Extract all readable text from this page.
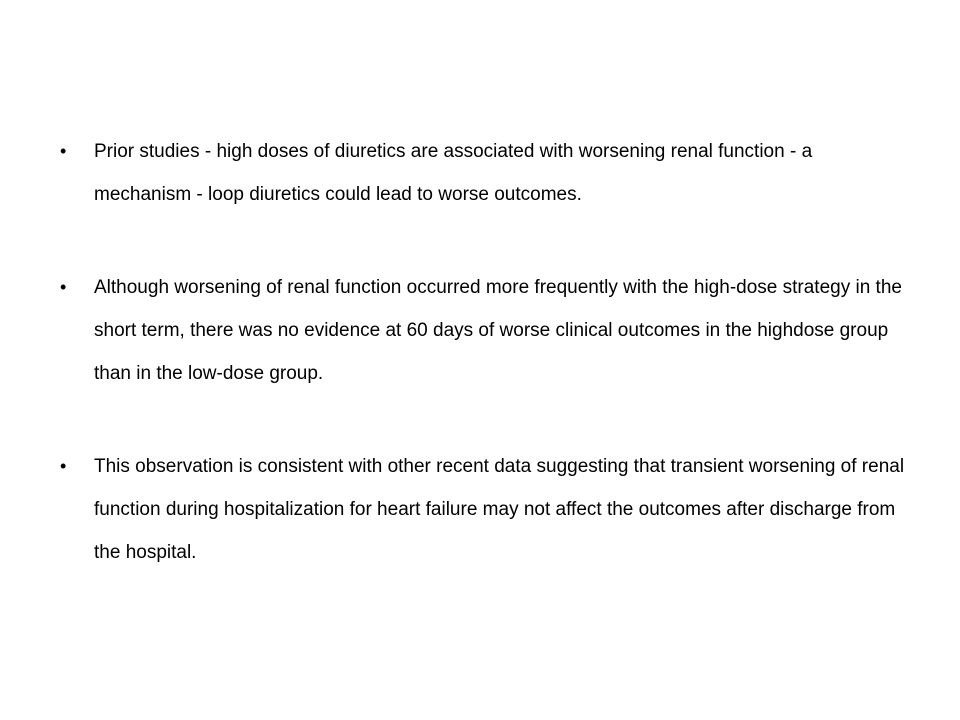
• Prior studies - high doses of diuretics are associated with worsening renal function - a mechanism - loop diuretics could lead to worse outcomes.
• Although worsening of renal function occurred more frequently with the high-dose strategy in the short term, there was no evidence at 60 days of worse clinical outcomes in the highdose group than in the low-dose group.
• This observation is consistent with other recent data suggesting that transient worsening of renal function during hospitalization for heart failure may not affect the outcomes after discharge from the hospital.
